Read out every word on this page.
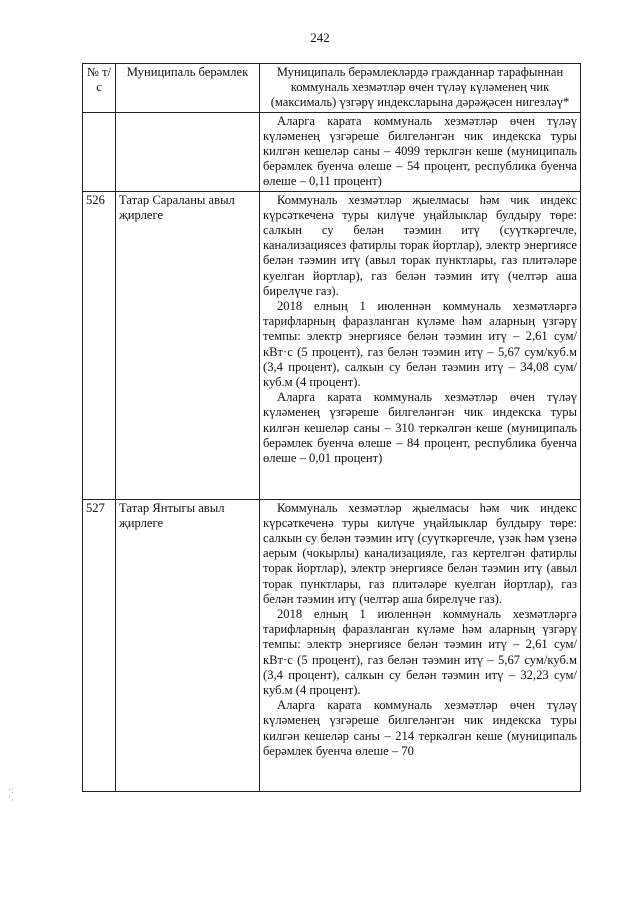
242
№ т/с	Муниципаль берәмлек	Муниципаль берәмлекләрдә гражданнар тарафыннан коммуналь хезмәтләр өчен түләү күләменең чик (максималь) үзгәрү индексларына дәрәҗәсен нигезләү*

		Аларга карата коммуналь хезмәтләр өчен түләү күләменең үзгәреше билгеләнгән чик индекска туры килгән кешеләр саны – 4099 терклгән кеше (муниципаль берәмлек буенча өлеше – 54 процент, республика буенча өлеше – 0,11 процент)

526	Татар Сараланы авыл җирлеге	Коммуналь хезмәтләр җыелмасы һәм чик индекс күрсәткеченә туры килүче уңайлыклар булдыру төре: салкын су белән тәэмин итү (суүткәргечле, канализациясез фатирлы торак йортлар), электр энергиясе белән тәэмин итү (авыл торак пунктлары, газ плитәләре куелган йортлар), газ белән тәэмин итү (челтәр аша бирелүче газ).

2018 елның 1 июленнән коммуналь хезмәтләргә тарифларның фаразланган күләме һәм аларның үзгәрү темпы: электр энергиясе белән тәэмин итү – 2,61 сум/кВт·с (5 процент), газ белән тәэмин итү – 5,67 сум/куб.м (3,4 процент), салкын су белән тәэмин итү – 34,08 сум/куб.м (4 процент).

Аларга карата коммуналь хезмәтләр өчен түләү күләменең үзгәреше билгеләнгән чик индекска туры килгән кешеләр саны – 310 теркәлгән кеше (муниципаль берәмлек буенча өлеше – 84 процент, республика буенча өлеше – 0,01 процент)

527	Татар Янтыгы авыл җирлеге	Коммуналь хезмәтләр җыелмасы һәм чик индекс күрсәткеченә туры килүче уңайлыклар булдыру төре: салкын су белән тәэмин итү (суүткәргечле, үзәк һәм үзенә аерым (чокырлы) канализацияле, газ кертелгән фатирлы торак йортлар), электр энергиясе белән тәэмин итү (авыл торак пунктлары, газ плитәләре куелган йортлар), газ белән тәэмин итү (челтәр аша бирелүче газ).

2018 елның 1 июленнән коммуналь хезмәтләргә тарифларның фаразланган күләме һәм аларның үзгәрү темпы: электр энергиясе белән тәэмин итү – 2,61 сум/кВт·с (5 процент), газ белән тәэмин итү – 5,67 сум/куб.м (3,4 процент), салкын су белән тәэмин итү – 32,23 сум/куб.м (4 процент).

Аларга карата коммуналь хезмәтләр өчен түләү күләменең үзгәреше билгеләнгән чик индекска туры килгән кешеләр саны – 214 теркәлгән кеше (муниципаль берәмлек буенча өлеше – 70

·:
˙·
